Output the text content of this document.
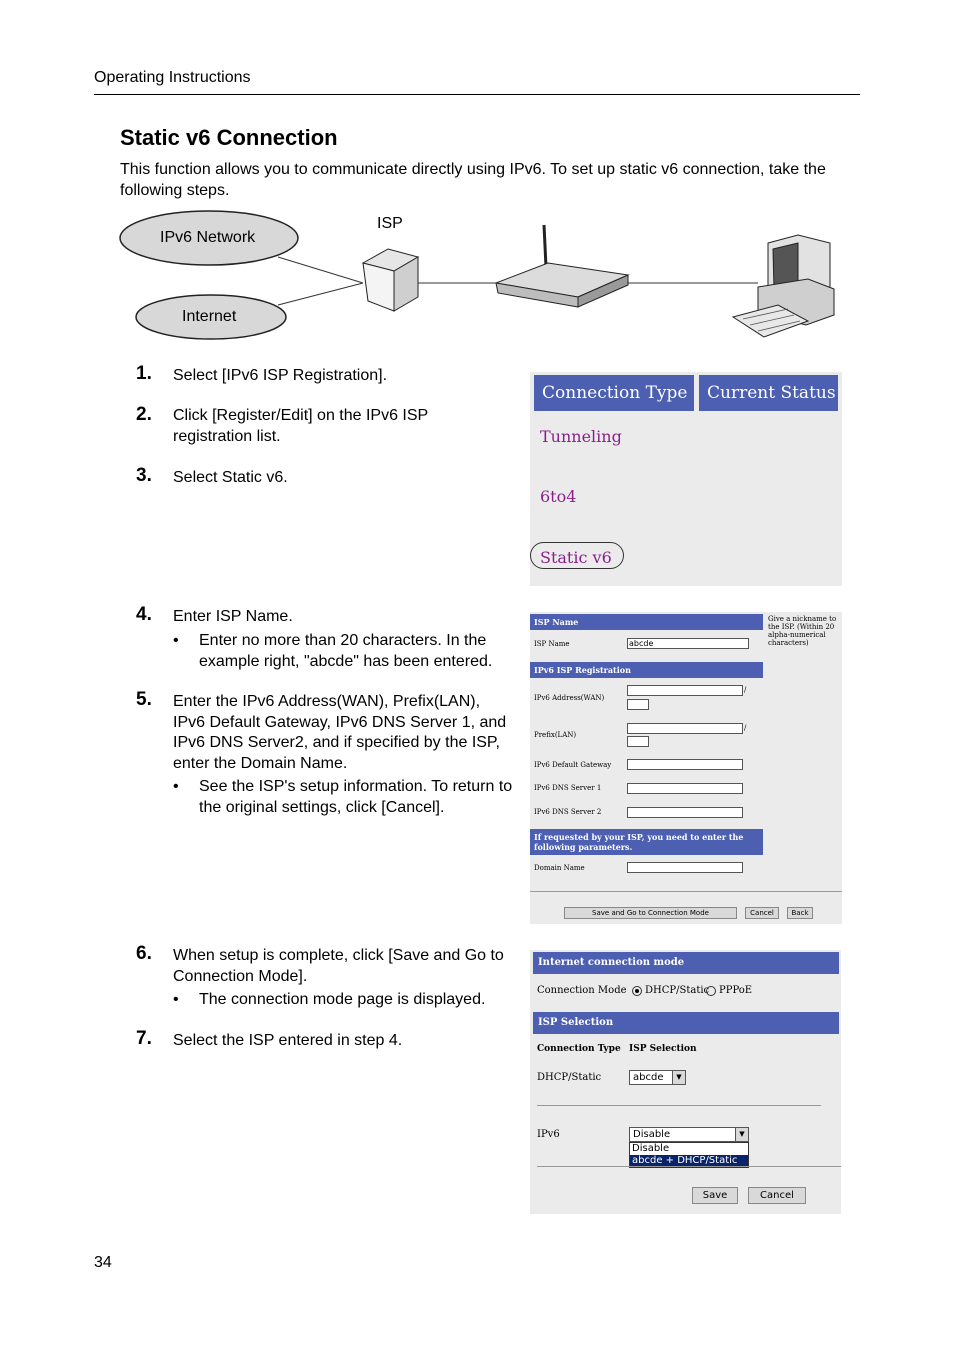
Operating Instructions
Static v6 Connection
This function allows you to communicate directly using IPv6. To set up static v6 connection, take the following steps.
ISP
IPv6 Network
Internet
1. Select [IPv6 ISP Registration].
2. Click [Register/Edit] on the IPv6 ISP registration list.
3. Select Static v6.
4. Enter ISP Name.
• Enter no more than 20 characters. In the example right, "abcde" has been entered.
5. Enter the IPv6 Address(WAN), Prefix(LAN), IPv6 Default Gateway, IPv6 DNS Server 1, and IPv6 DNS Server2, and if specified by the ISP, enter the Domain Name.
• See the ISP's setup information. To return to the original settings, click [Cancel].
6. When setup is complete, click [Save and Go to Connection Mode].
• The connection mode page is displayed.
7. Select the ISP entered in step 4.
Connection Type	Current Status
Tunneling
6to4
Static v6
ISP Name	Give a nickname to the ISP. (Within 20 alpha-numerical characters)
ISP Name	abcde
IPv6 ISP Registration
IPv6 Address(WAN)
/
Prefix(LAN)
/
IPv6 Default Gateway
IPv6 DNS Server 1
IPv6 DNS Server 2
If requested by your ISP, you need to enter the following parameters.
Domain Name
Save and Go to Connection Mode	Cancel	Back
Internet connection mode
Connection Mode	DHCP/Static PPPoE
ISP Selection
Connection Type ISP Selection
DHCP/Static	abcde	▼
IPv6	Disable	▼
Disable
abcde + DHCP/Static
Save	Cancel
34
